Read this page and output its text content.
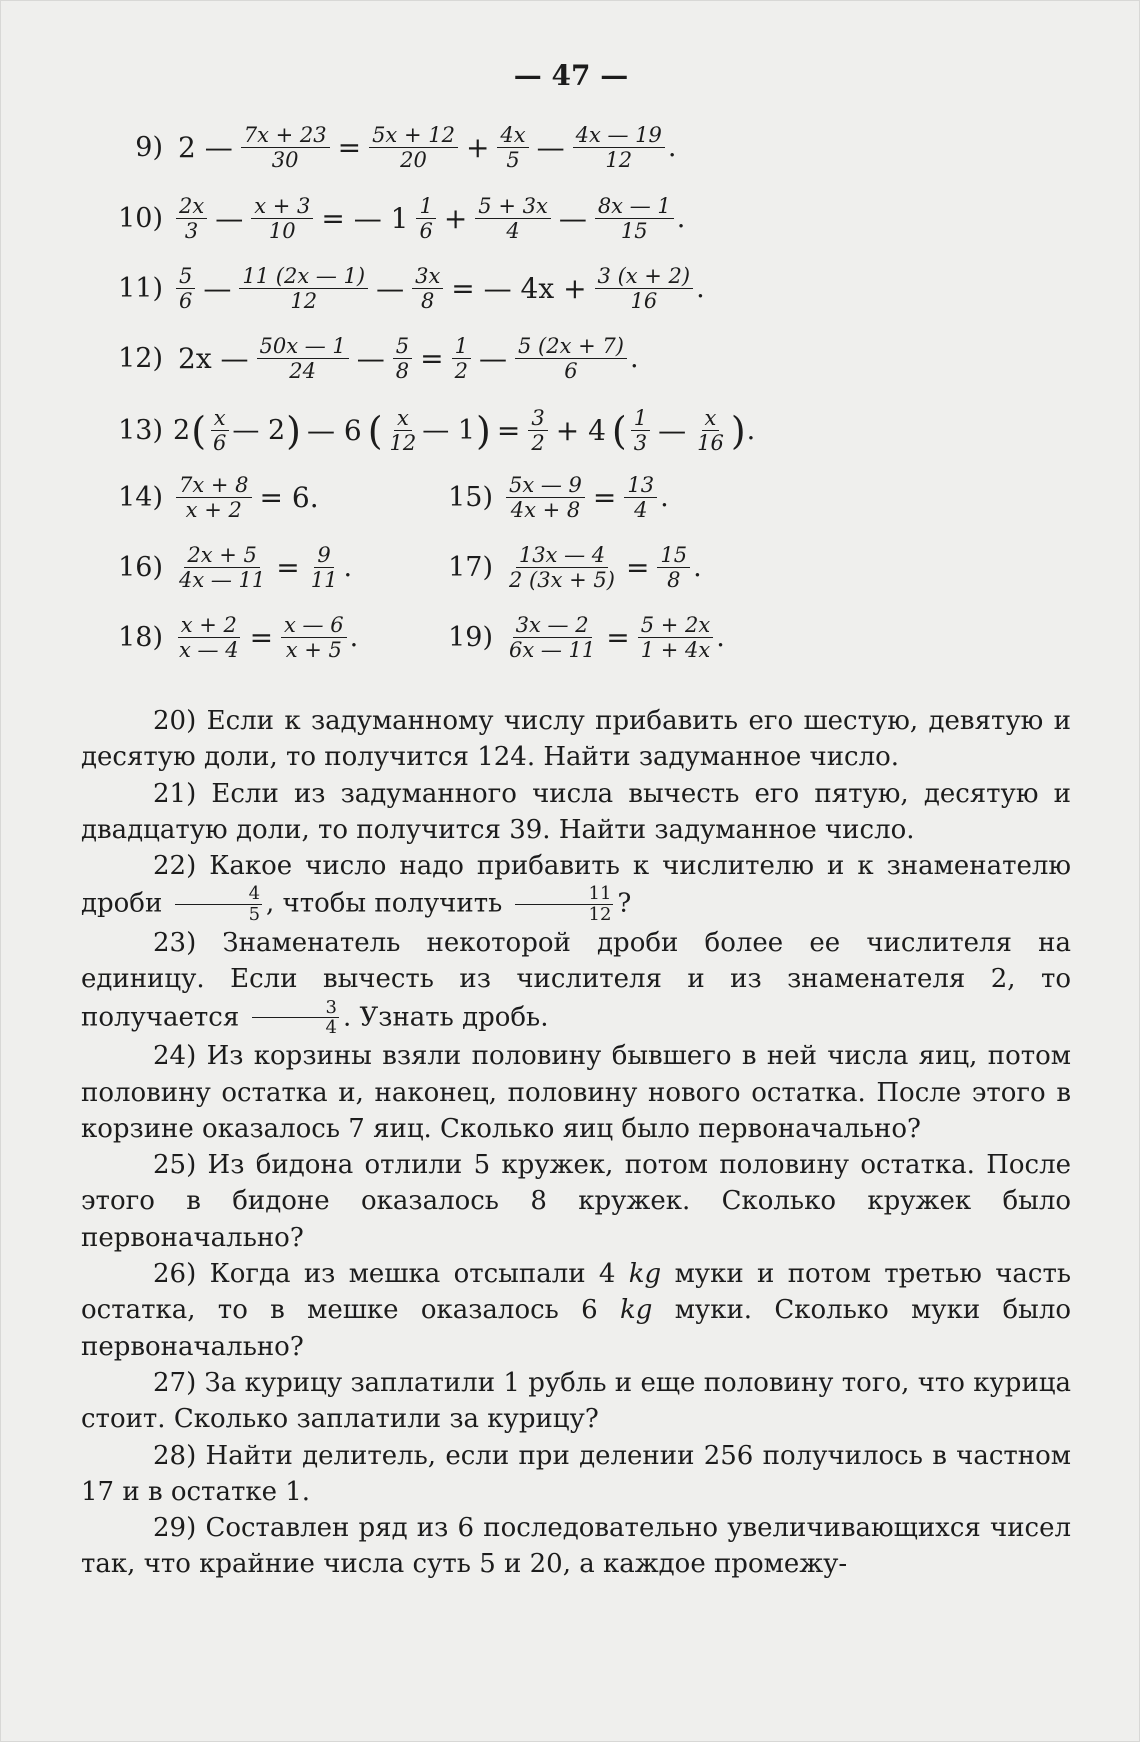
— 47 —
9) 2 — $\frac{7x + 23}{30} = \frac{5x + 12}{20} + \frac{4x}{5}$ — $\frac{4x — 19}{12}$ .
$10) \frac{2x}{3}$ — $\frac{x + 3}{10}$ = — $1 \frac{1}{6} + \frac{5 + 3x}{4}$ — $\frac{8x — 1}{15}$ .
$11) \frac{5}{6}$ — $\frac{11 (2x — 1)}{12}$ — $\frac{3x}{8}$ = — $4x + \frac{3 (x + 2)}{16}$ .
12) 2x — $\frac{50x — 1}{24}$ — $\frac{5}{8} = \frac{1}{2}$ — $\frac{5 (2x + 7)}{6}$ .
13) 2 ( $\frac{x}{6}$ — 2 ) — 6 ( $\frac{x}{12}$ — 1 ) = $\frac{3}{2} + 4$ ( $\frac{1}{3}$ — $\frac{x}{16}$ ) .
$14) \frac{7x + 8}{x + 2} = 6$.	$15) \frac{5x — 9}{4x + 8} = \frac{13}{4}$ .
$16) \frac{2x + 5}{4x — 11} = \frac{9}{11}$ .	$17) \frac{13x — 4}{2 (3x + 5)} = \frac{15}{8}$ .
$18) \frac{x + 2}{x — 4} = \frac{x — 6}{x + 5}$ .	$19) \frac{3x — 2}{6x — 11} = \frac{5 + 2x}{1 + 4x}$ .

20) Если к задуманному числу прибавить его шестую, девятую и десятую доли, то получится 124. Найти задуманное число.

21) Если из задуманного числа вычесть его пятую, десятую и двадцатую доли, то получится 39. Найти задуманное число.

22) Какое число надо прибавить к числителю и к знаменателю дроби $\frac{4}{5}$ , чтобы получить $\frac{11}{12}$ ?

23) Знаменатель некоторой дроби более ее числителя на единицу. Если вычесть из числителя и из знаменателя 2, то получается $\frac{3}{4}$ . Узнать дробь.

24) Из корзины взяли половину бывшего в ней числа яиц, потом половину остатка и, наконец, половину нового остатка. После этого в корзине оказалось 7 яиц. Сколько яиц было первоначально?

25) Из бидона отлили 5 кружек, потом половину остатка. После этого в бидоне оказалось 8 кружек. Сколько кружек было первоначально?

26) Когда из мешка отсыпали 4 kg муки и потом третью часть остатка, то в мешке оказалось 6 kg муки. Сколько муки было первоначально?

27) За курицу заплатили 1 рубль и еще половину того, что курица стоит. Сколько заплатили за курицу?

28) Найти делитель, если при делении 256 получилось в частном 17 и в остатке 1.

29) Составлен ряд из 6 последовательно увеличивающихся чисел так, что крайние числа суть 5 и 20, а каждое промежу-
